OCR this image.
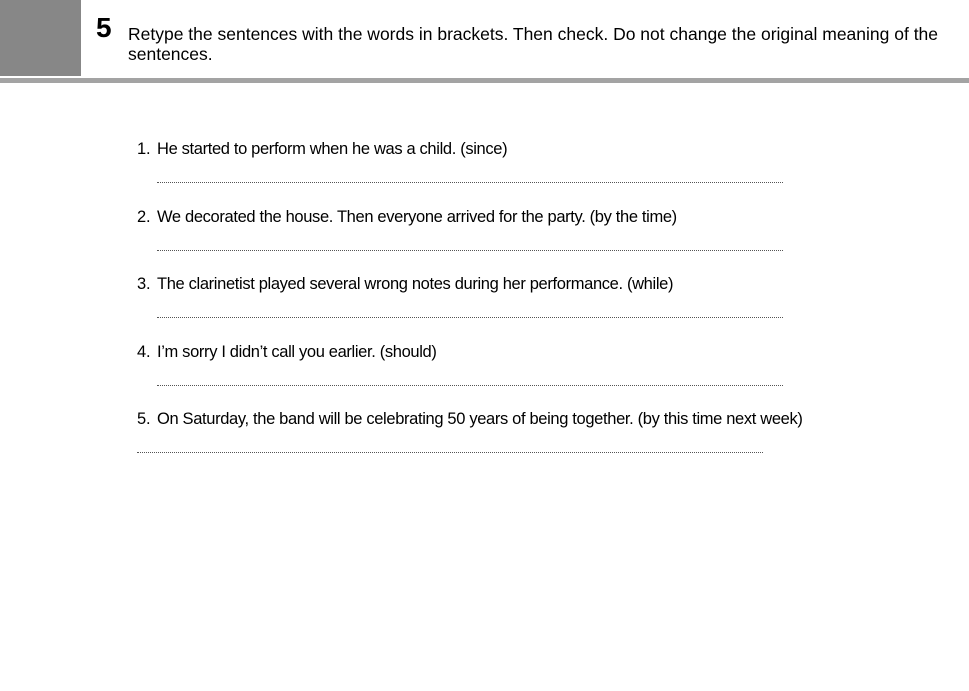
5 Retype the sentences with the words in brackets. Then check. Do not change the original meaning of the sentences.
1. He started to perform when he was a child. (since)
2. We decorated the house. Then everyone arrived for the party. (by the time)
3. The clarinetist played several wrong notes during her performance. (while)
4. I’m sorry I didn’t call you earlier. (should)
5. On Saturday, the band will be celebrating 50 years of being together. (by this time next week)
